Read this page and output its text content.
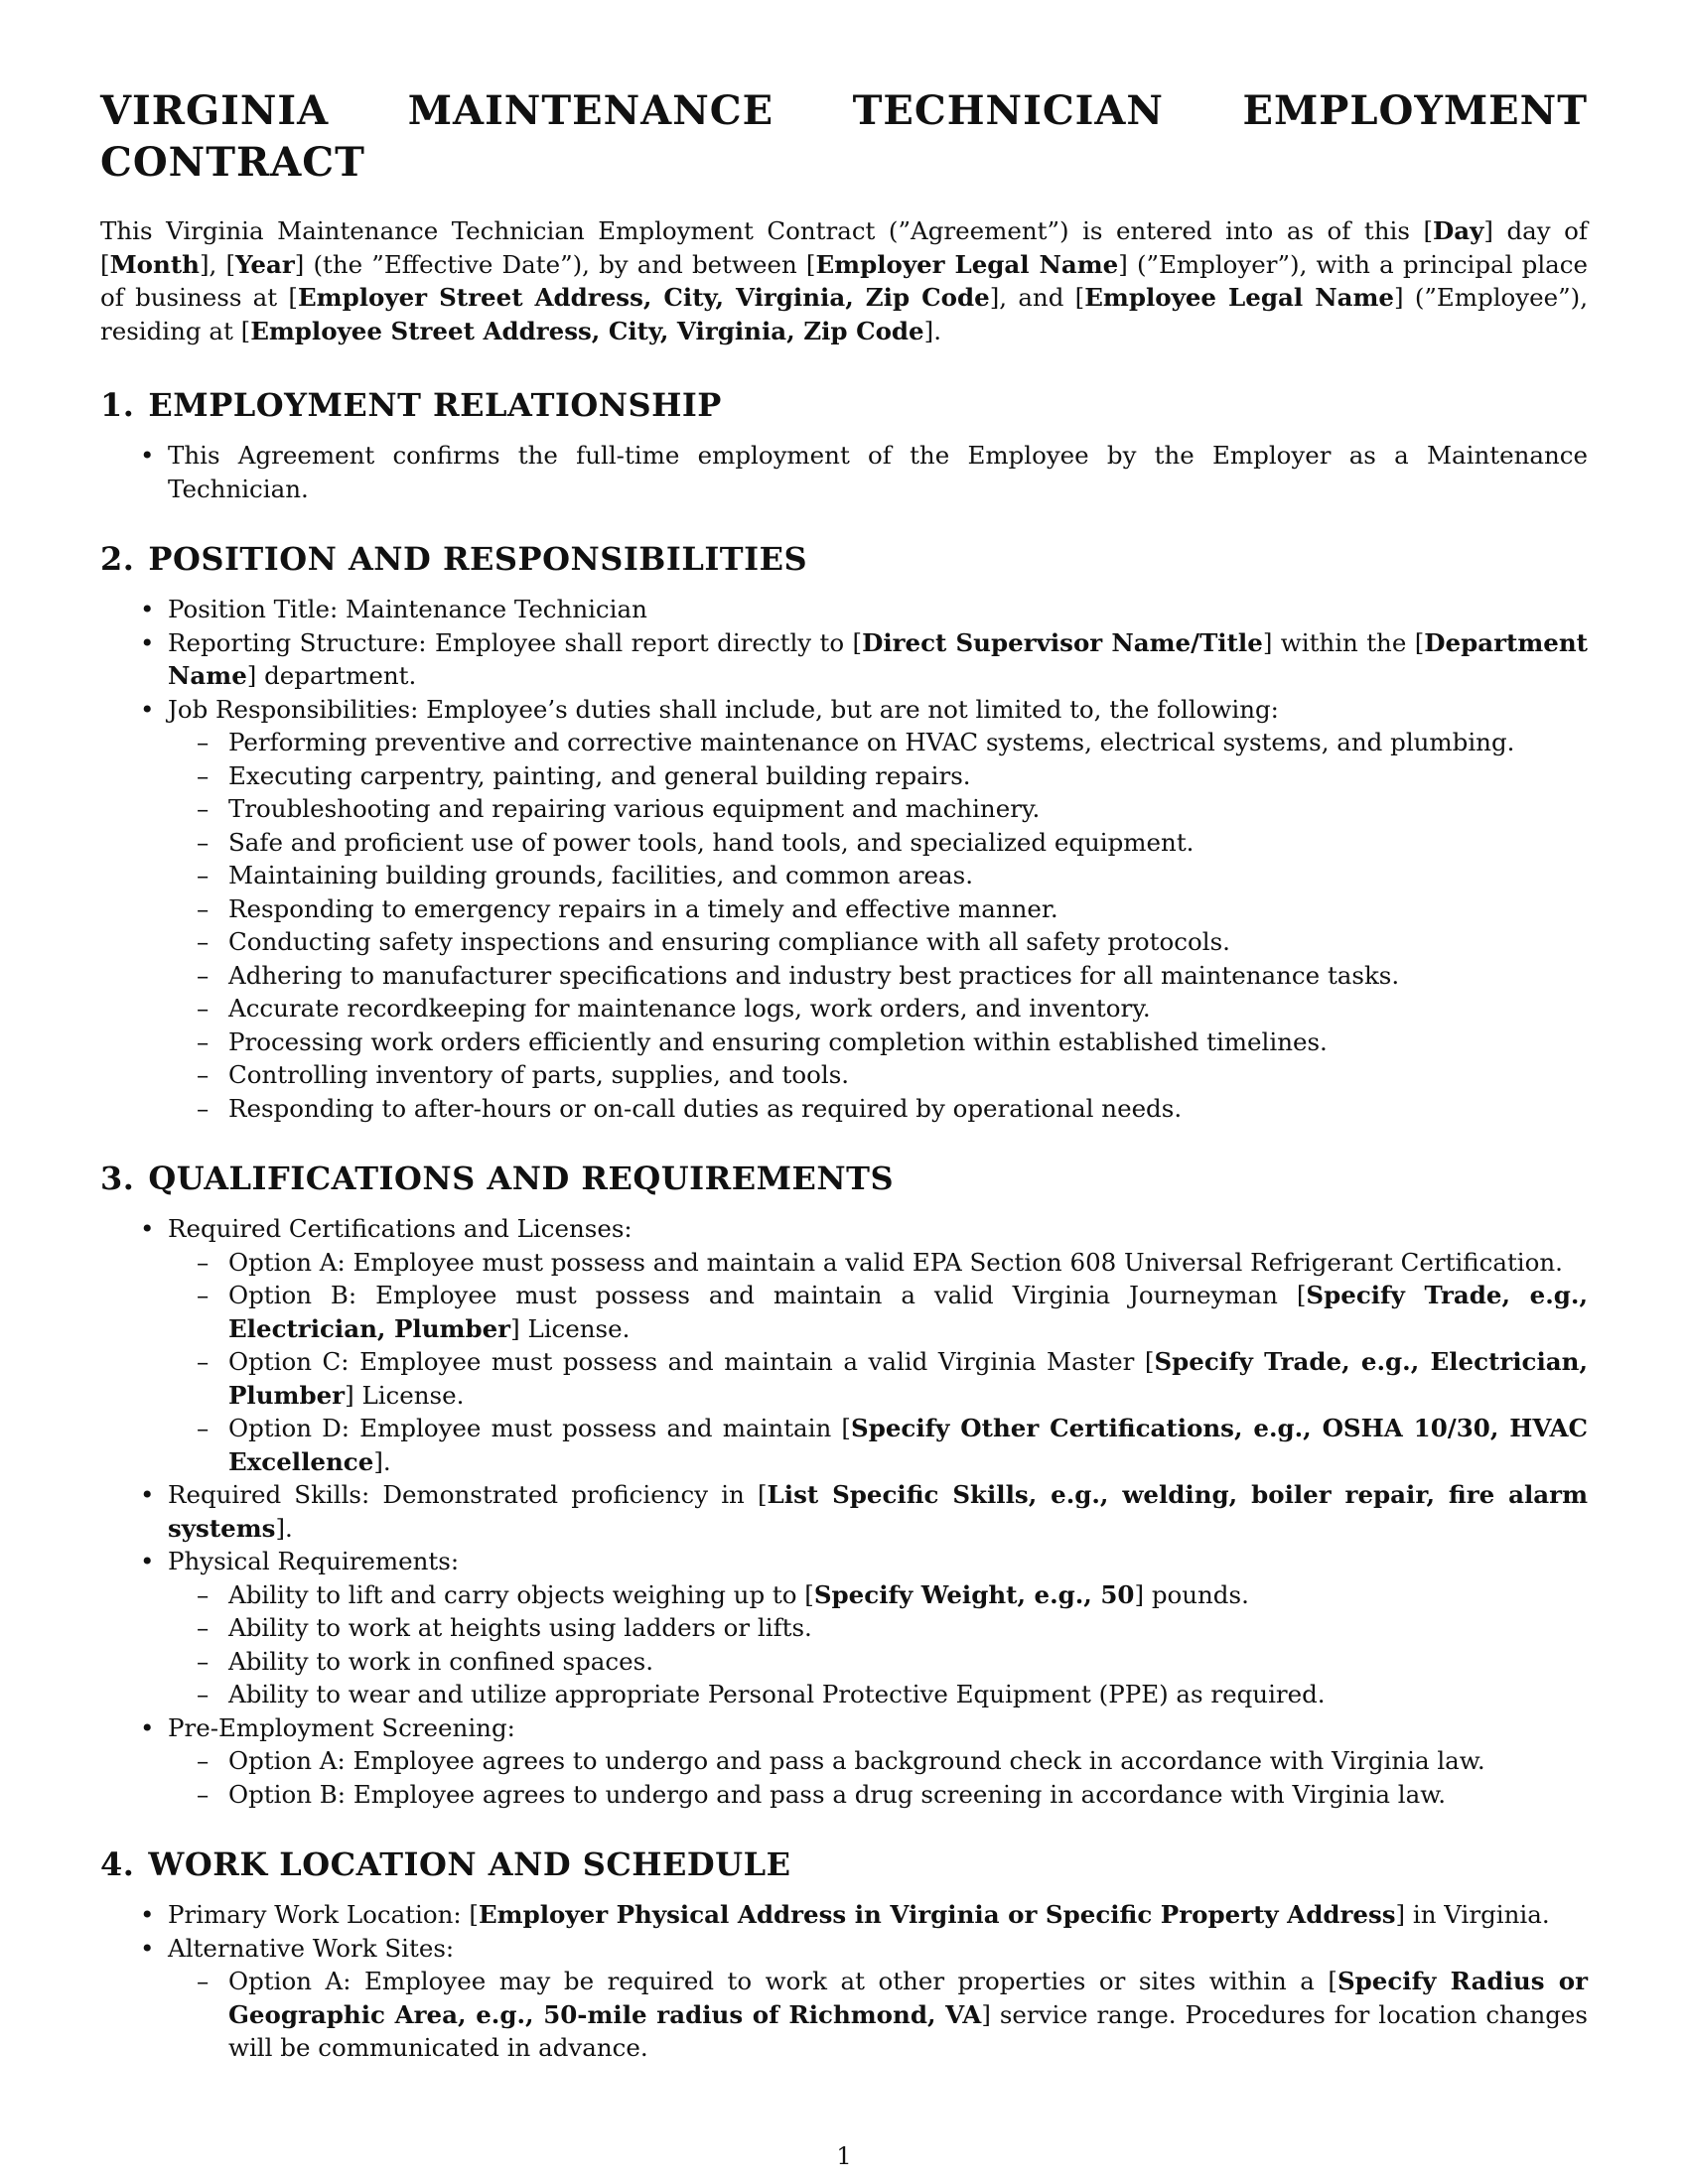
VIRGINIA MAINTENANCE TECHNICIAN EMPLOYMENT CONTRACT

This Virginia Maintenance Technician Employment Contract (”Agreement”) is entered into as of this [Day] day of [Month], [Year] (the ”Effective Date”), by and between [Employer Legal Name] (”Employer”), with a principal place of business at [Employer Street Address, City, Virginia, Zip Code], and [Employee Legal Name] (”Employee”), residing at [Employee Street Address, City, Virginia, Zip Code].

1. EMPLOYMENT RELATIONSHIP
• This Agreement confirms the full-time employment of the Employee by the Employer as a Maintenance Technician.
2. POSITION AND RESPONSIBILITIES
• Position Title: Maintenance Technician
• Reporting Structure: Employee shall report directly to [Direct Supervisor Name/Title] within the [Department Name] department.
• Job Responsibilities: Employee’s duties shall include, but are not limited to, the following:
– Performing preventive and corrective maintenance on HVAC systems, electrical systems, and plumbing.
– Executing carpentry, painting, and general building repairs.
– Troubleshooting and repairing various equipment and machinery.
– Safe and proficient use of power tools, hand tools, and specialized equipment.
– Maintaining building grounds, facilities, and common areas.
– Responding to emergency repairs in a timely and effective manner.
– Conducting safety inspections and ensuring compliance with all safety protocols.
– Adhering to manufacturer specifications and industry best practices for all maintenance tasks.
– Accurate recordkeeping for maintenance logs, work orders, and inventory.
– Processing work orders efficiently and ensuring completion within established timelines.
– Controlling inventory of parts, supplies, and tools.
– Responding to after-hours or on-call duties as required by operational needs.
3. QUALIFICATIONS AND REQUIREMENTS
• Required Certifications and Licenses:
– Option A: Employee must possess and maintain a valid EPA Section 608 Universal Refrigerant Certification.
– Option B: Employee must possess and maintain a valid Virginia Journeyman [Specify Trade, e.g., Electrician, Plumber] License.
– Option C: Employee must possess and maintain a valid Virginia Master [Specify Trade, e.g., Electrician, Plumber] License.
– Option D: Employee must possess and maintain [Specify Other Certifications, e.g., OSHA 10/30, HVAC Excellence].
• Required Skills: Demonstrated proficiency in [List Specific Skills, e.g., welding, boiler repair, fire alarm systems].
• Physical Requirements:
– Ability to lift and carry objects weighing up to [Specify Weight, e.g., 50] pounds.
– Ability to work at heights using ladders or lifts.
– Ability to work in confined spaces.
– Ability to wear and utilize appropriate Personal Protective Equipment (PPE) as required.
• Pre-Employment Screening:
– Option A: Employee agrees to undergo and pass a background check in accordance with Virginia law.
– Option B: Employee agrees to undergo and pass a drug screening in accordance with Virginia law.
4. WORK LOCATION AND SCHEDULE
• Primary Work Location: [Employer Physical Address in Virginia or Specific Property Address] in Virginia.
• Alternative Work Sites:
– Option A: Employee may be required to work at other properties or sites within a [Specify Radius or Geographic Area, e.g., 50-mile radius of Richmond, VA] service range. Procedures for location changes will be communicated in advance.
1
